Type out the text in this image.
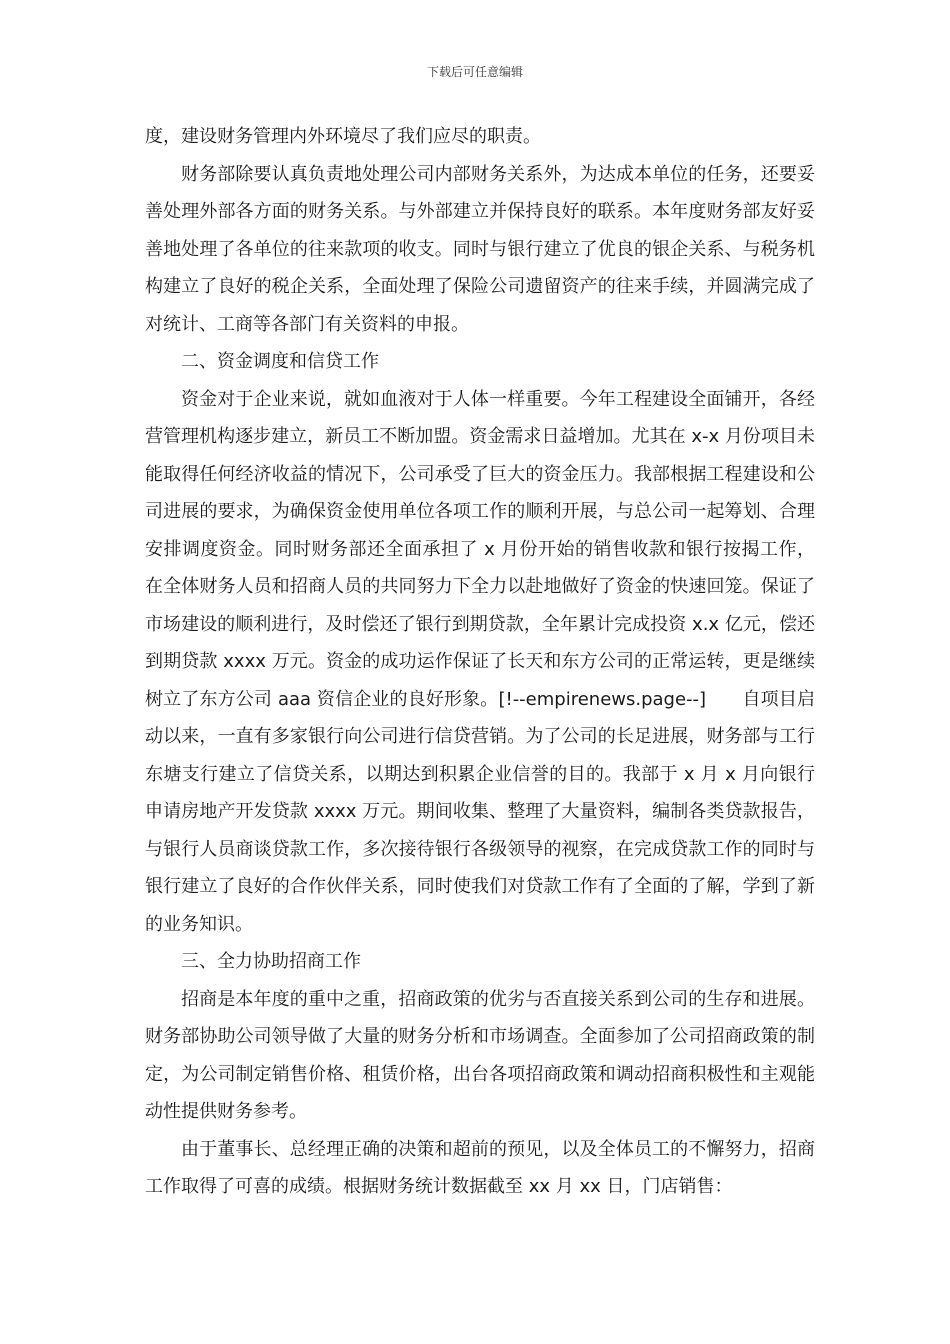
下载后可任意编辑

度，建设财务管理内外环境尽了我们应尽的职责。

财务部除要认真负责地处理公司内部财务关系外，为达成本单位的任务，还要妥善处理外部各方面的财务关系。与外部建立并保持良好的联系。本年度财务部友好妥善地处理了各单位的往来款项的收支。同时与银行建立了优良的银企关系、与税务机构建立了良好的税企关系，全面处理了保险公司遗留资产的往来手续，并圆满完成了对统计、工商等各部门有关资料的申报。

二、资金调度和信贷工作

资金对于企业来说，就如血液对于人体一样重要。今年工程建设全面铺开，各经营管理机构逐步建立，新员工不断加盟。资金需求日益增加。尤其在 x-x 月份项目未能取得任何经济收益的情况下，公司承受了巨大的资金压力。我部根据工程建设和公司进展的要求，为确保资金使用单位各项工作的顺利开展，与总公司一起筹划、合理安排调度资金。同时财务部还全面承担了 x 月份开始的销售收款和银行按揭工作，在全体财务人员和招商人员的共同努力下全力以赴地做好了资金的快速回笼。保证了市场建设的顺利进行，及时偿还了银行到期贷款，全年累计完成投资 x.x 亿元，偿还到期贷款 xxxx 万元。资金的成功运作保证了长天和东方公司的正常运转，更是继续树立了东方公司 aaa 资信企业的良好形象。[!--empirenews.page--]　　自项目启动以来，一直有多家银行向公司进行信贷营销。为了公司的长足进展，财务部与工行东塘支行建立了信贷关系，以期达到积累企业信誉的目的。我部于 x 月 x 月向银行申请房地产开发贷款 xxxx 万元。期间收集、整理了大量资料，编制各类贷款报告，与银行人员商谈贷款工作，多次接待银行各级领导的视察，在完成贷款工作的同时与银行建立了良好的合作伙伴关系，同时使我们对贷款工作有了全面的了解，学到了新的业务知识。

三、全力协助招商工作

招商是本年度的重中之重，招商政策的优劣与否直接关系到公司的生存和进展。财务部协助公司领导做了大量的财务分析和市场调查。全面参加了公司招商政策的制定，为公司制定销售价格、租赁价格，出台各项招商政策和调动招商积极性和主观能动性提供财务参考。

由于董事长、总经理正确的决策和超前的预见，以及全体员工的不懈努力，招商工作取得了可喜的成绩。根据财务统计数据截至 xx 月 xx 日，门店销售：
